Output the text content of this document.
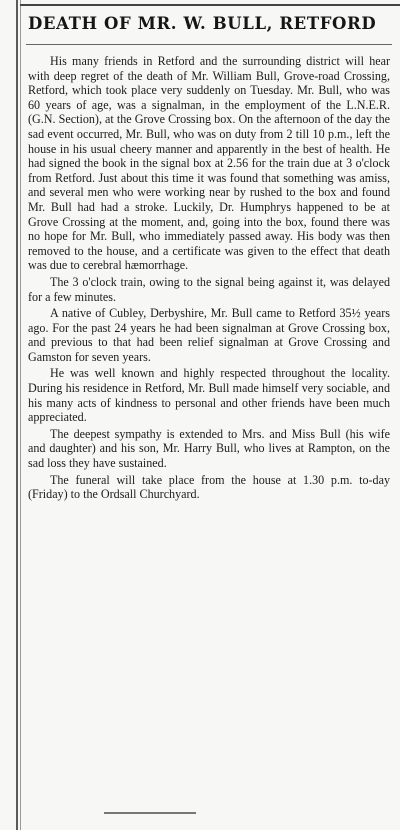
DEATH OF MR. W. BULL, RETFORD

His many friends in Retford and the surrounding district will hear with deep regret of the death of Mr. William Bull, Grove-road Crossing, Retford, which took place very suddenly on Tuesday. Mr. Bull, who was 60 years of age, was a signalman, in the employment of the L.N.E.R. (G.N. Section), at the Grove Crossing box. On the afternoon of the day the sad event occurred, Mr. Bull, who was on duty from 2 till 10 p.m., left the house in his usual cheery manner and apparently in the best of health. He had signed the book in the signal box at 2.56 for the train due at 3 o'clock from Retford. Just about this time it was found that something was amiss, and several men who were working near by rushed to the box and found Mr. Bull had had a stroke. Luckily, Dr. Humphrys happened to be at Grove Crossing at the moment, and, going into the box, found there was no hope for Mr. Bull, who immediately passed away. His body was then removed to the house, and a certificate was given to the effect that death was due to cerebral hæmorrhage.

The 3 o'clock train, owing to the signal being against it, was delayed for a few minutes.

A native of Cubley, Derbyshire, Mr. Bull came to Retford 35½ years ago. For the past 24 years he had been signalman at Grove Crossing box, and previous to that had been relief signalman at Grove Crossing and Gamston for seven years.

He was well known and highly respected throughout the locality. During his residence in Retford, Mr. Bull made himself very sociable, and his many acts of kindness to personal and other friends have been much appreciated.

The deepest sympathy is extended to Mrs. and Miss Bull (his wife and daughter) and his son, Mr. Harry Bull, who lives at Rampton, on the sad loss they have sustained.

The funeral will take place from the house at 1.30 p.m. to-day (Friday) to the Ordsall Churchyard.
